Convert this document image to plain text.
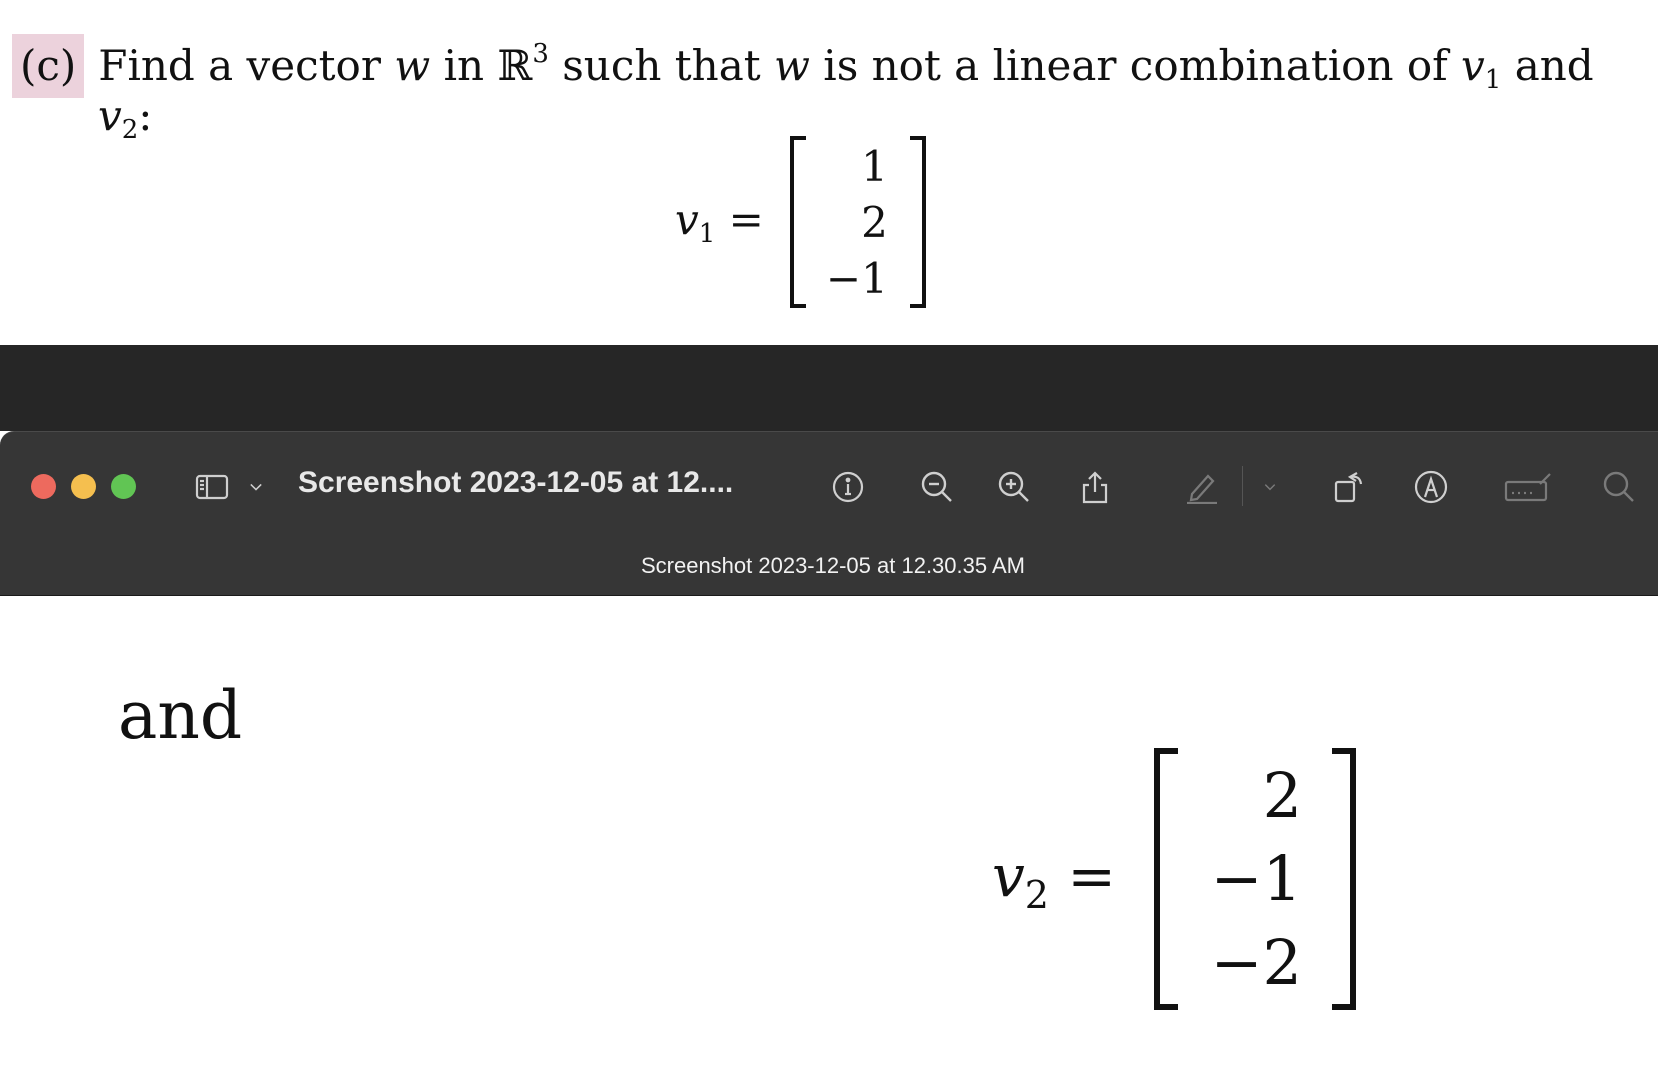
(c) Find a vector w in ℝ$^3$ such that w is not a linear combination of $v_1$ and
$v_2$:
$v_1$ =
1
2
−1
Screenshot 2023-12-05 at 12....
Screenshot 2023-12-05 at 12.30.35 AM
and
$v_2$ =
2
−1
−2
